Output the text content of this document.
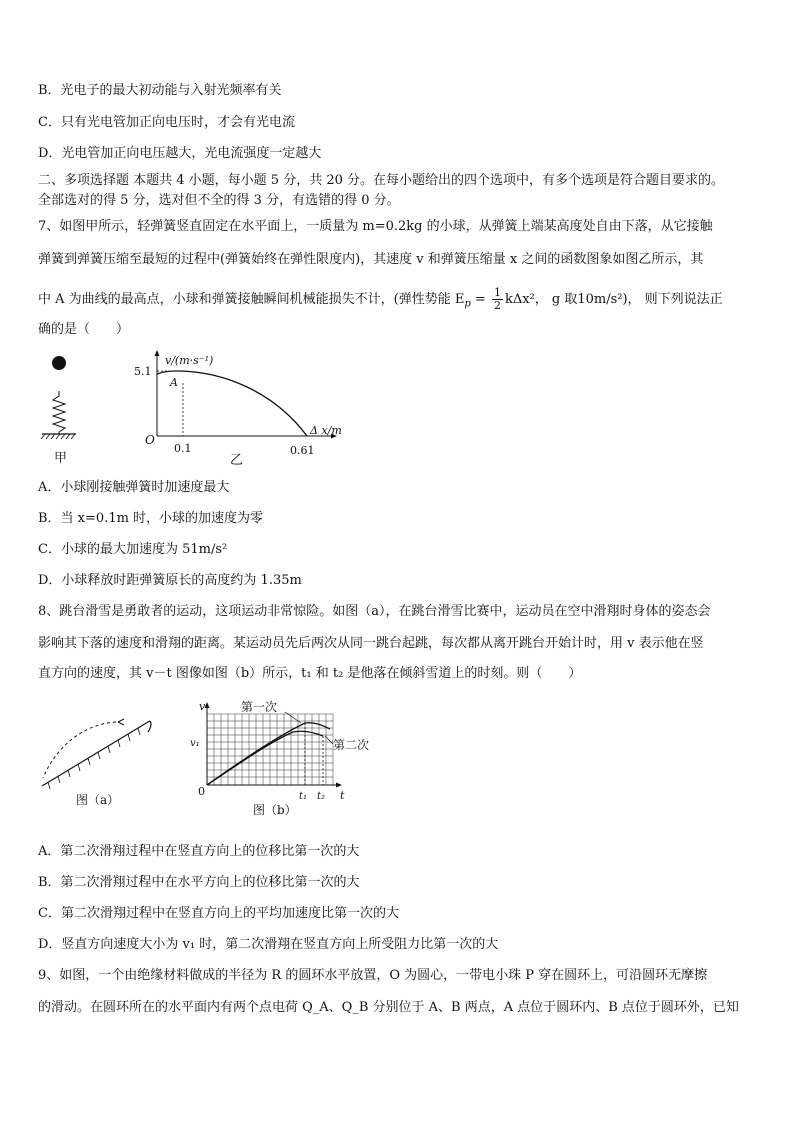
B．光电子的最大初动能与入射光频率有关
C．只有光电管加正向电压时，才会有光电流
D．光电管加正向电压越大，光电流强度一定越大
二、多项选择题 本题共 4 小题，每小题 5 分，共 20 分。在每小题给出的四个选项中，有多个选项是符合题目要求的。
全部选对的得 5 分，选对但不全的得 3 分，有选错的得 0 分。
7、如图甲所示，轻弹簧竖直固定在水平面上，一质量为 m=0.2kg 的小球，从弹簧上端某高度处自由下落，从它接触
弹簧到弹簧压缩至最短的过程中(弹簧始终在弹性限度内)，其速度 v 和弹簧压缩量 x 之间的函数图象如图乙所示，其
中 A 为曲线的最高点，小球和弹簧接触瞬间机械能损失不计，(弹性势能 $E_p = \frac{1}{2} k\Delta x^2$， g 取10m/s²)， 则下列说法正
确的是（　　）
甲
v/(m·s⁻¹)
5.1
A
O
0.1	0.61
Δ x/m
乙
A．小球刚接触弹簧时加速度最大
B．当 x=0.1m 时，小球的加速度为零
C．小球的最大加速度为 51m/s²
D．小球释放时距弹簧原长的高度约为 1.35m
8、跳台滑雪是勇敢者的运动，这项运动非常惊险。如图（a），在跳台滑雪比赛中，运动员在空中滑翔时身体的姿态会
影响其下落的速度和滑翔的距离。某运动员先后两次从同一跳台起跳，每次都从离开跳台开始计时，用 v 表示他在竖
直方向的速度，其 v－t 图像如图（b）所示，t₁ 和 t₂ 是他落在倾斜雪道上的时刻。则（　　）
图（a）
第一次
第二次
v
v₁
0	t₁ t₂ t
图（b）
A．第二次滑翔过程中在竖直方向上的位移比第一次的大
B．第二次滑翔过程中在水平方向上的位移比第一次的大
C．第二次滑翔过程中在竖直方向上的平均加速度比第一次的大
D．竖直方向速度大小为 v₁ 时，第二次滑翔在竖直方向上所受阻力比第一次的大
9、如图，一个由绝缘材料做成的半径为 R 的圆环水平放置，O 为圆心，一带电小珠 P 穿在圆环上，可沿圆环无摩擦
的滑动。在圆环所在的水平面内有两个点电荷 Q_A、Q_B 分别位于 A、B 两点，A 点位于圆环内、B 点位于圆环外，已知
